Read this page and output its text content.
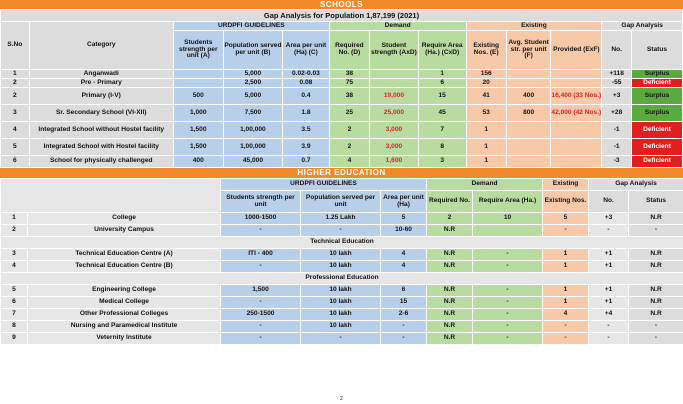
SCHOOLS
Gap Analysis for Population 1,87,199 (2021)												
S.No	Category	URDPFI GUIDELINES			Demand			Existing			Gap Analysis	
		Students strength per unit (A)	Population served per unit (B)	Area per unit (Ha) (C)	Required No. (D)	Student strength (AxD)	Require Area (Ha.) (CxD)	Existing Nos. (E)	Avg. Student str. per unit (F)	Provided (ExF)	No.	Status
1	Anganwadi		5,000	0.02-0.03	38		1	156			+118	Surplus
2	Pre - Primary		2,500	0.08	75		6	20			-55	Deficient
2	Primary (I-V)	500	5,000	0.4	38	19,000	15	41	400	16,400 (33 Nos.)	+3	Surplus
3	Sr. Secondary School (VI-XII)	1,000	7,500	1.8	25	25,000	45	53	800	42,000 (42 Nos.)	+28	Surplus
4	Integrated School without Hostel facility	1,500	1,00,000	3.5	2	3,000	7	1			-1	Deficient
5	Integrated School with Hostel facility	1,500	1,00,000	3.9	2	3,000	8	1			-1	Deficient
6	School for physically challenged	400	45,000	0.7	4	1,600	3	1			-3	Deficient
HIGHER EDUCATION
		URDPFI GUIDELINES			Demand		Existing	Gap Analysis	
		Students strength per unit	Population served per unit	Area per unit (Ha)	Required No.	Require Area (Ha.)	Existing Nos.	No.	Status
1	College	1000-1500	1.25 Lakh	5	2	10	5	+3	N.R
2	University Campus	-	-	10-60	N.R		-	-	-
Technical Education									
3	Technical Education Centre (A)	ITI - 400	10 lakh	4	N.R	-	1	+1	N.R
4	Technical Education Centre (B)	-	10 lakh	4	N.R	-	1	+1	N.R
Professional Education									
5	Engineering College	1,500	10 lakh	6	N.R	-	1	+1	N.R
6	Medical College	-	10 lakh	15	N.R	-	1	+1	N.R
7	Other Professional Colleges	250-1500	10 lakh	2-6	N.R	-	4	+4	N.R
8	Nursing and Paramedical Institute	-	10 lakh	-	N.R	-	-	-	-
9	Veternity Institute	-	-	-	N.R	-	-	-	-
2
